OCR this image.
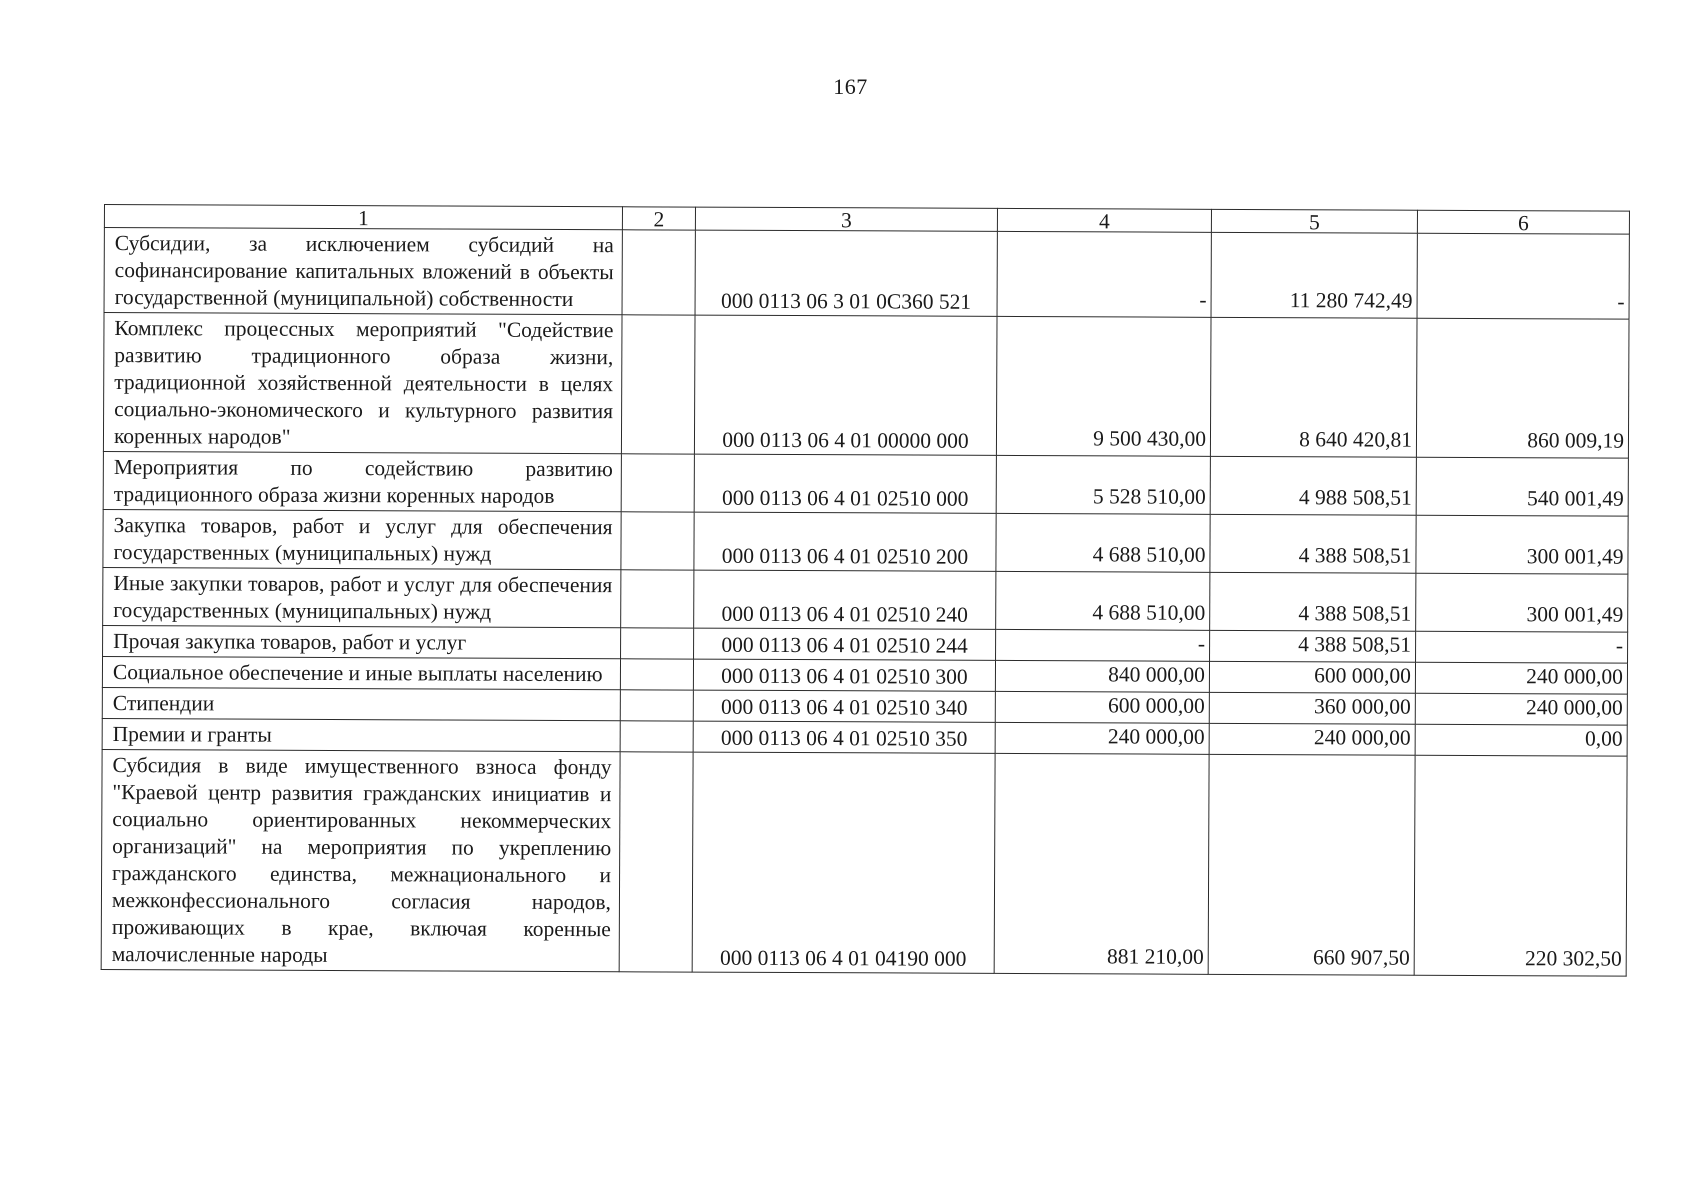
167
1	2	3	4	5	6
Субсидии, за исключением субсидий на софинансирование капитальных вложений в объекты государственной (муниципальной) собственности		000 0113 06 3 01 0С360 521	-	11 280 742,49	-
Комплекс процессных мероприятий "Содействие развитию традиционного образа жизни, традиционной хозяйственной деятельности в целях социально-экономического и культурного развития коренных народов"		000 0113 06 4 01 00000 000	9 500 430,00	8 640 420,81	860 009,19
Мероприятия по содействию развитию традиционного образа жизни коренных народов		000 0113 06 4 01 02510 000	5 528 510,00	4 988 508,51	540 001,49
Закупка товаров, работ и услуг для обеспечения государственных (муниципальных) нужд		000 0113 06 4 01 02510 200	4 688 510,00	4 388 508,51	300 001,49
Иные закупки товаров, работ и услуг для обеспечения государственных (муниципальных) нужд		000 0113 06 4 01 02510 240	4 688 510,00	4 388 508,51	300 001,49
Прочая закупка товаров, работ и услуг		000 0113 06 4 01 02510 244	-	4 388 508,51	-
Социальное обеспечение и иные выплаты населению		000 0113 06 4 01 02510 300	840 000,00	600 000,00	240 000,00
Стипендии		000 0113 06 4 01 02510 340	600 000,00	360 000,00	240 000,00
Премии и гранты		000 0113 06 4 01 02510 350	240 000,00	240 000,00	0,00
Субсидия в виде имущественного взноса фонду "Краевой центр развития гражданских инициатив и социально ориентированных некоммерческих организаций" на мероприятия по укреплению гражданского единства, межнационального и межконфессионального согласия народов, проживающих в крае, включая коренные малочисленные народы		000 0113 06 4 01 04190 000	881 210,00	660 907,50	220 302,50
